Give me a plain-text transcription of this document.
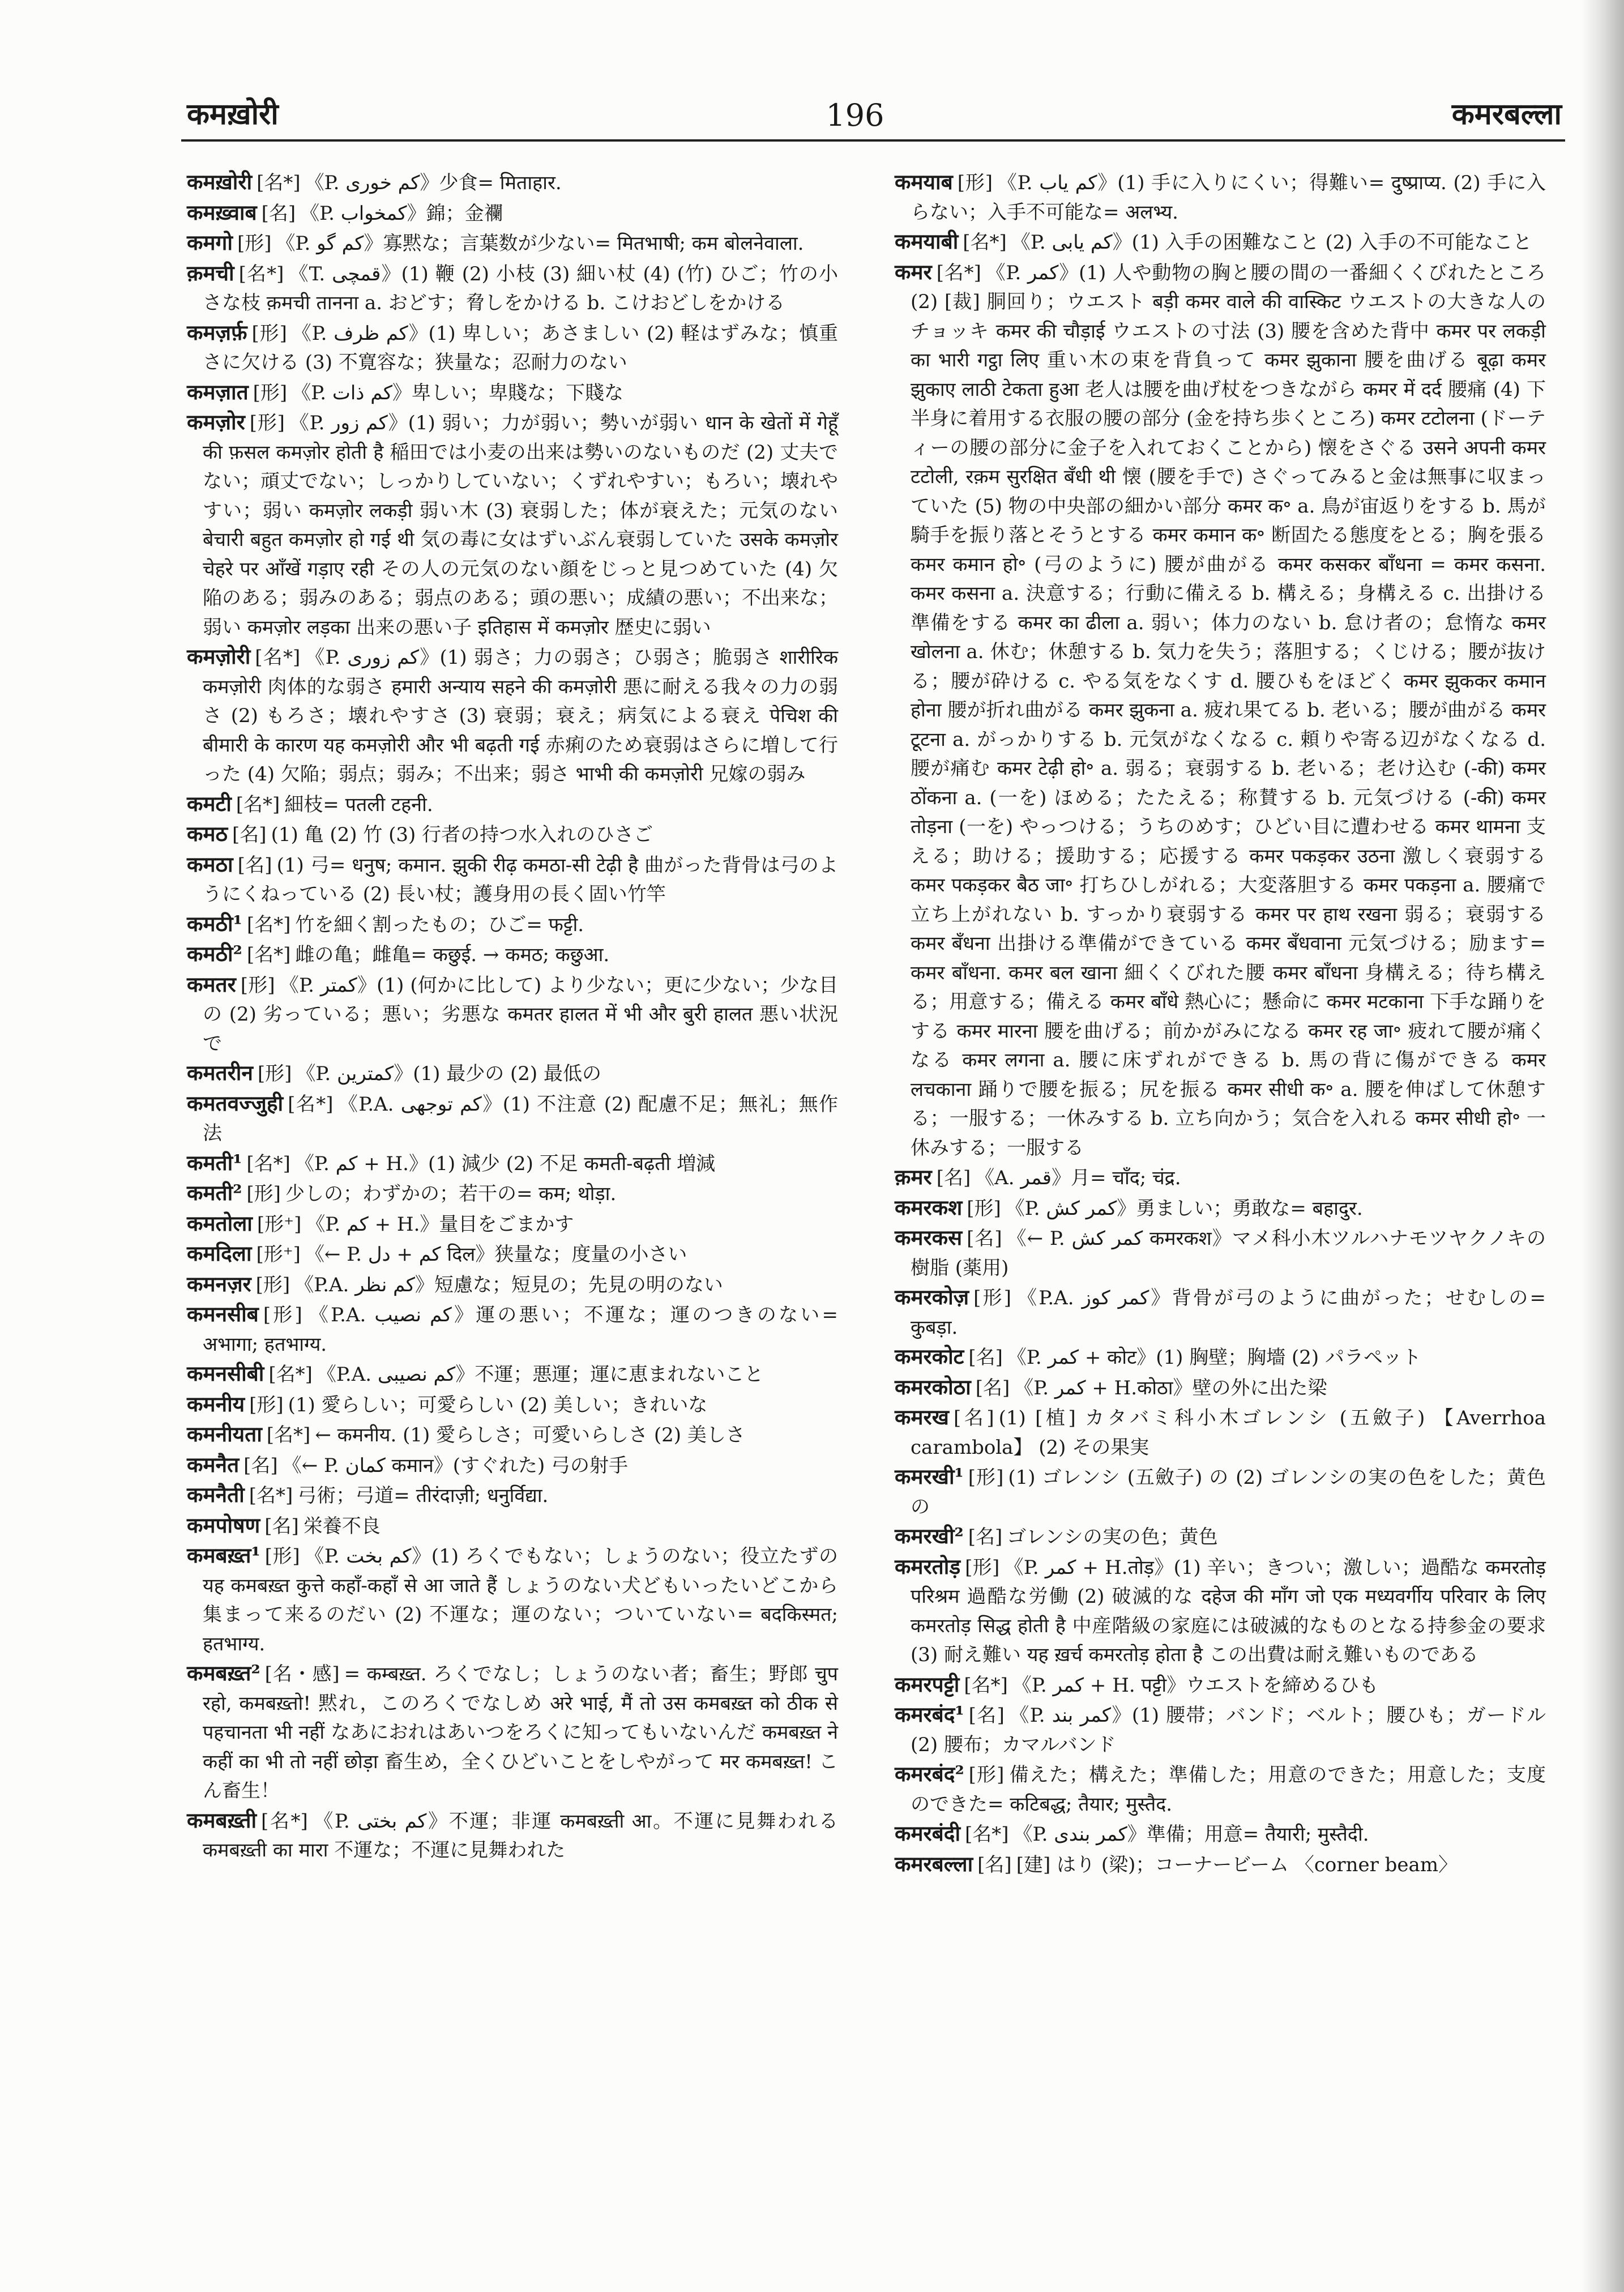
कमख़ोरी	196	कमरबल्ला

कमख़ोरी [名*] 《P. كم خورى》少食= मिताहार.

कमख़्वाब [名] 《P. كمخواب》錦；金襴

कमगो [形] 《P. كم گو》寡黙な；言葉数が少ない= मितभाषी; कम बोलनेवाला.

क़मची [名*] 《T. قمچى》(1) 鞭 (2) 小枝 (3) 細い杖 (4) (竹) ひご；竹の小さな枝 क़मची तानना a. おどす；脅しをかける b. こけおどしをかける

कमज़र्फ़ [形] 《P. كم ظرف》(1) 卑しい；あさましい (2) 軽はずみな；慎重さに欠ける (3) 不寛容な；狭量な；忍耐力のない

कमज़ात [形] 《P. كم ذات》卑しい；卑賤な；下賤な

कमज़ोर [形] 《P. كم زور》(1) 弱い；力が弱い；勢いが弱い धान के खेतों में गेहूँ की फ़सल कमज़ोर होती है 稲田では小麦の出来は勢いのないものだ (2) 丈夫でない；頑丈でない；しっかりしていない；くずれやすい；もろい；壊れやすい；弱い कमज़ोर लकड़ी 弱い木 (3) 衰弱した；体が衰えた；元気のない बेचारी बहुत कमज़ोर हो गई थी 気の毒に女はずいぶん衰弱していた उसके कमज़ोर चेहरे पर आँखें गड़ाए रही その人の元気のない顔をじっと見つめていた (4) 欠陥のある；弱みのある；弱点のある；頭の悪い；成績の悪い；不出来な；弱い कमज़ोर लड़का 出来の悪い子 इतिहास में कमज़ोर 歴史に弱い

कमज़ोरी [名*] 《P. كم زورى》(1) 弱さ；力の弱さ；ひ弱さ；脆弱さ शारीरिक कमज़ोरी 肉体的な弱さ हमारी अन्याय सहने की कमज़ोरी 悪に耐える我々の力の弱さ (2) もろさ；壊れやすさ (3) 衰弱；衰え；病気による衰え पेचिश की बीमारी के कारण यह कमज़ोरी और भी बढ़ती गई 赤痢のため衰弱はさらに増して行った (4) 欠陥；弱点；弱み；不出来；弱さ भाभी की कमज़ोरी 兄嫁の弱み

कमटी [名*] 細枝= पतली टहनी.

कमठ [名] (1) 亀 (2) 竹 (3) 行者の持つ水入れのひさご

कमठा [名] (1) 弓= धनुष; कमान. झुकी रीढ़ कमठा-सी टेढ़ी है 曲がった背骨は弓のようにくねっている (2) 長い杖；護身用の長く固い竹竿

कमठी¹ [名*] 竹を細く割ったもの；ひご= फट्टी.

कमठी² [名*] 雌の亀；雌亀= कछुई. → कमठ; कछुआ.

कमतर [形] 《P. كمتر》(1) (何かに比して) より少ない；更に少ない；少な目の (2) 劣っている；悪い；劣悪な कमतर हालत में भी और बुरी हालत 悪い状況で

कमतरीन [形] 《P. كمترين》(1) 最少の (2) 最低の

कमतवज्जुही [名*] 《P.A. كم توجهى》(1) 不注意 (2) 配慮不足；無礼；無作法

कमती¹ [名*] 《P. كم + H.》(1) 減少 (2) 不足 कमती-बढ़ती 増減

कमती² [形] 少しの；わずかの；若干の= कम; थोड़ा.

कमतोला [形⁺] 《P. كم + H.》量目をごまかす

कमदिला [形⁺] 《← P. كم + دل दिल》狭量な；度量の小さい

कमनज़र [形] 《P.A. كم نظر》短慮な；短見の；先見の明のない

कमनसीब [形] 《P.A. كم نصيب》運の悪い；不運な；運のつきのない= अभागा; हतभाग्य.

कमनसीबी [名*] 《P.A. كم نصيبى》不運；悪運；運に恵まれないこと

कमनीय [形] (1) 愛らしい；可愛らしい (2) 美しい；きれいな

कमनीयता [名*] ← कमनीय. (1) 愛らしさ；可愛いらしさ (2) 美しさ

कमनैत [名] 《← P. كمان कमान》(すぐれた) 弓の射手

कमनैती [名*] 弓術；弓道= तीरंदाज़ी; धनुर्विद्या.

कमपोषण [名] 栄養不良

कमबख़्त¹ [形] 《P. كم بخت》(1) ろくでもない；しょうのない；役立たずの यह कमबख़्त कुत्ते कहाँ-कहाँ से आ जाते हैं しょうのない犬どもいったいどこから集まって来るのだい (2) 不運な；運のない；ついていない= बदकिस्मत; हतभाग्य.

कमबख़्त² [名・感] = कम्बख़्त. ろくでなし；しょうのない者；畜生；野郎 चुप रहो, कमबख़्तो! 黙れ，このろくでなしめ अरे भाई, मैं तो उस कमबख़्त को ठीक से पहचानता भी नहीं なあにおれはあいつをろくに知ってもいないんだ कमबख़्त ने कहीं का भी तो नहीं छोड़ा 畜生め，全くひどいことをしやがって मर कमबख़्त! こん畜生！

कमबख़्ती [名*] 《P. كم بختى》不運；非運 कमबख़्ती आ。不運に見舞われる कमबख़्ती का मारा 不運な；不運に見舞われた

कमयाब [形] 《P. كم ياب》(1) 手に入りにくい；得難い= दुष्प्राप्य. (2) 手に入らない；入手不可能な= अलभ्य.

कमयाबी [名*] 《P. كم يابى》(1) 入手の困難なこと (2) 入手の不可能なこと

कमर [名*] 《P. كمر》(1) 人や動物の胸と腰の間の一番細くくびれたところ (2) [裁] 胴回り；ウエスト बड़ी कमर वाले की वास्किट ウエストの大きな人のチョッキ कमर की चौड़ाई ウエストの寸法 (3) 腰を含めた背中 कमर पर लकड़ी का भारी गट्ठा लिए 重い木の束を背負って कमर झुकाना 腰を曲げる बूढ़ा कमर झुकाए लाठी टेकता हुआ 老人は腰を曲げ杖をつきながら कमर में दर्द 腰痛 (4) 下半身に着用する衣服の腰の部分 (金を持ち歩くところ) कमर टटोलना (ドーティーの腰の部分に金子を入れておくことから) 懐をさぐる उसने अपनी कमर टटोली, रक़म सुरक्षित बँधी थी 懐 (腰を手で) さぐってみると金は無事に収まっていた (5) 物の中央部の細かい部分 कमर क॰ a. 鳥が宙返りをする b. 馬が騎手を振り落とそうとする कमर कमान क॰ 断固たる態度をとる；胸を張る कमर कमान हो॰ (弓のように) 腰が曲がる कमर कसकर बाँधना = कमर कसना. कमर कसना a. 決意する；行動に備える b. 構える；身構える c. 出掛ける準備をする कमर का ढीला a. 弱い；体力のない b. 怠け者の；怠惰な कमर खोलना a. 休む；休憩する b. 気力を失う；落胆する；くじける；腰が抜ける；腰が砕ける c. やる気をなくす d. 腰ひもをほどく कमर झुककर कमान होना 腰が折れ曲がる कमर झुकना a. 疲れ果てる b. 老いる；腰が曲がる कमर टूटना a. がっかりする b. 元気がなくなる c. 頼りや寄る辺がなくなる d. 腰が痛む कमर टेढ़ी हो॰ a. 弱る；衰弱する b. 老いる；老け込む (-की) कमर ठोंकना a. (一を) ほめる；たたえる；称賛する b. 元気づける (-की) कमर तोड़ना (一を) やっつける；うちのめす；ひどい目に遭わせる कमर थामना 支える；助ける；援助する；応援する कमर पकड़कर उठना 激しく衰弱する कमर पकड़कर बैठ जा॰ 打ちひしがれる；大変落胆する कमर पकड़ना a. 腰痛で立ち上がれない b. すっかり衰弱する कमर पर हाथ रखना 弱る；衰弱する कमर बँधना 出掛ける準備ができている कमर बँधवाना 元気づける；励ます= कमर बाँधना. कमर बल खाना 細くくびれた腰 कमर बाँधना 身構える；待ち構える；用意する；備える कमर बाँधे 熱心に；懸命に कमर मटकाना 下手な踊りをする कमर मारना 腰を曲げる；前かがみになる कमर रह जा॰ 疲れて腰が痛くなる कमर लगना a. 腰に床ずれができる b. 馬の背に傷ができる कमर लचकाना 踊りで腰を振る；尻を振る कमर सीधी क॰ a. 腰を伸ばして休憩する；一服する；一休みする b. 立ち向かう；気合を入れる कमर सीधी हो॰ 一休みする；一服する

क़मर [名] 《A. قمر》月= चाँद; चंद्र.

कमरकश [形] 《P. كمر كش》勇ましい；勇敢な= बहादुर.

कमरकस [名] 《← P. كمر كش कमरकश》マメ科小木ツルハナモツヤクノキの樹脂 (薬用)

कमरकोज़ [形] 《P.A. كمر كوز》背骨が弓のように曲がった；せむしの= कुबड़ा.

कमरकोट [名] 《P. كمر + कोट》(1) 胸壁；胸墻 (2) パラペット

कमरकोठा [名] 《P. كمر + H.कोठा》壁の外に出た梁

कमरख [名] (1) [植] カタバミ科小木ゴレンシ (五斂子) 【Averrhoa carambola】 (2) その果実

कमरखी¹ [形] (1) ゴレンシ (五斂子) の (2) ゴレンシの実の色をした；黄色の

कमरखी² [名] ゴレンシの実の色；黄色

कमरतोड़ [形] 《P. كمر + H.तोड़》(1) 辛い；きつい；激しい；過酷な कमरतोड़ परिश्रम 過酷な労働 (2) 破滅的な दहेज की माँग जो एक मध्यवर्गीय परिवार के लिए कमरतोड़ सिद्ध होती है 中産階級の家庭には破滅的なものとなる持参金の要求 (3) 耐え難い यह ख़र्च कमरतोड़ होता है この出費は耐え難いものである

कमरपट्टी [名*] 《P. كمر + H. पट्टी》ウエストを締めるひも

कमरबंद¹ [名] 《P. كمر بند》(1) 腰帯；バンド；ベルト；腰ひも；ガードル (2) 腰布；カマルバンド

कमरबंद² [形] 備えた；構えた；準備した；用意のできた；用意した；支度のできた= कटिबद्ध; तैयार; मुस्तैद.

कमरबंदी [名*] 《P. كمر بندى》準備；用意= तैयारी; मुस्तैदी.

कमरबल्ला [名] [建] はり (梁)；コーナービーム 〈corner beam〉
